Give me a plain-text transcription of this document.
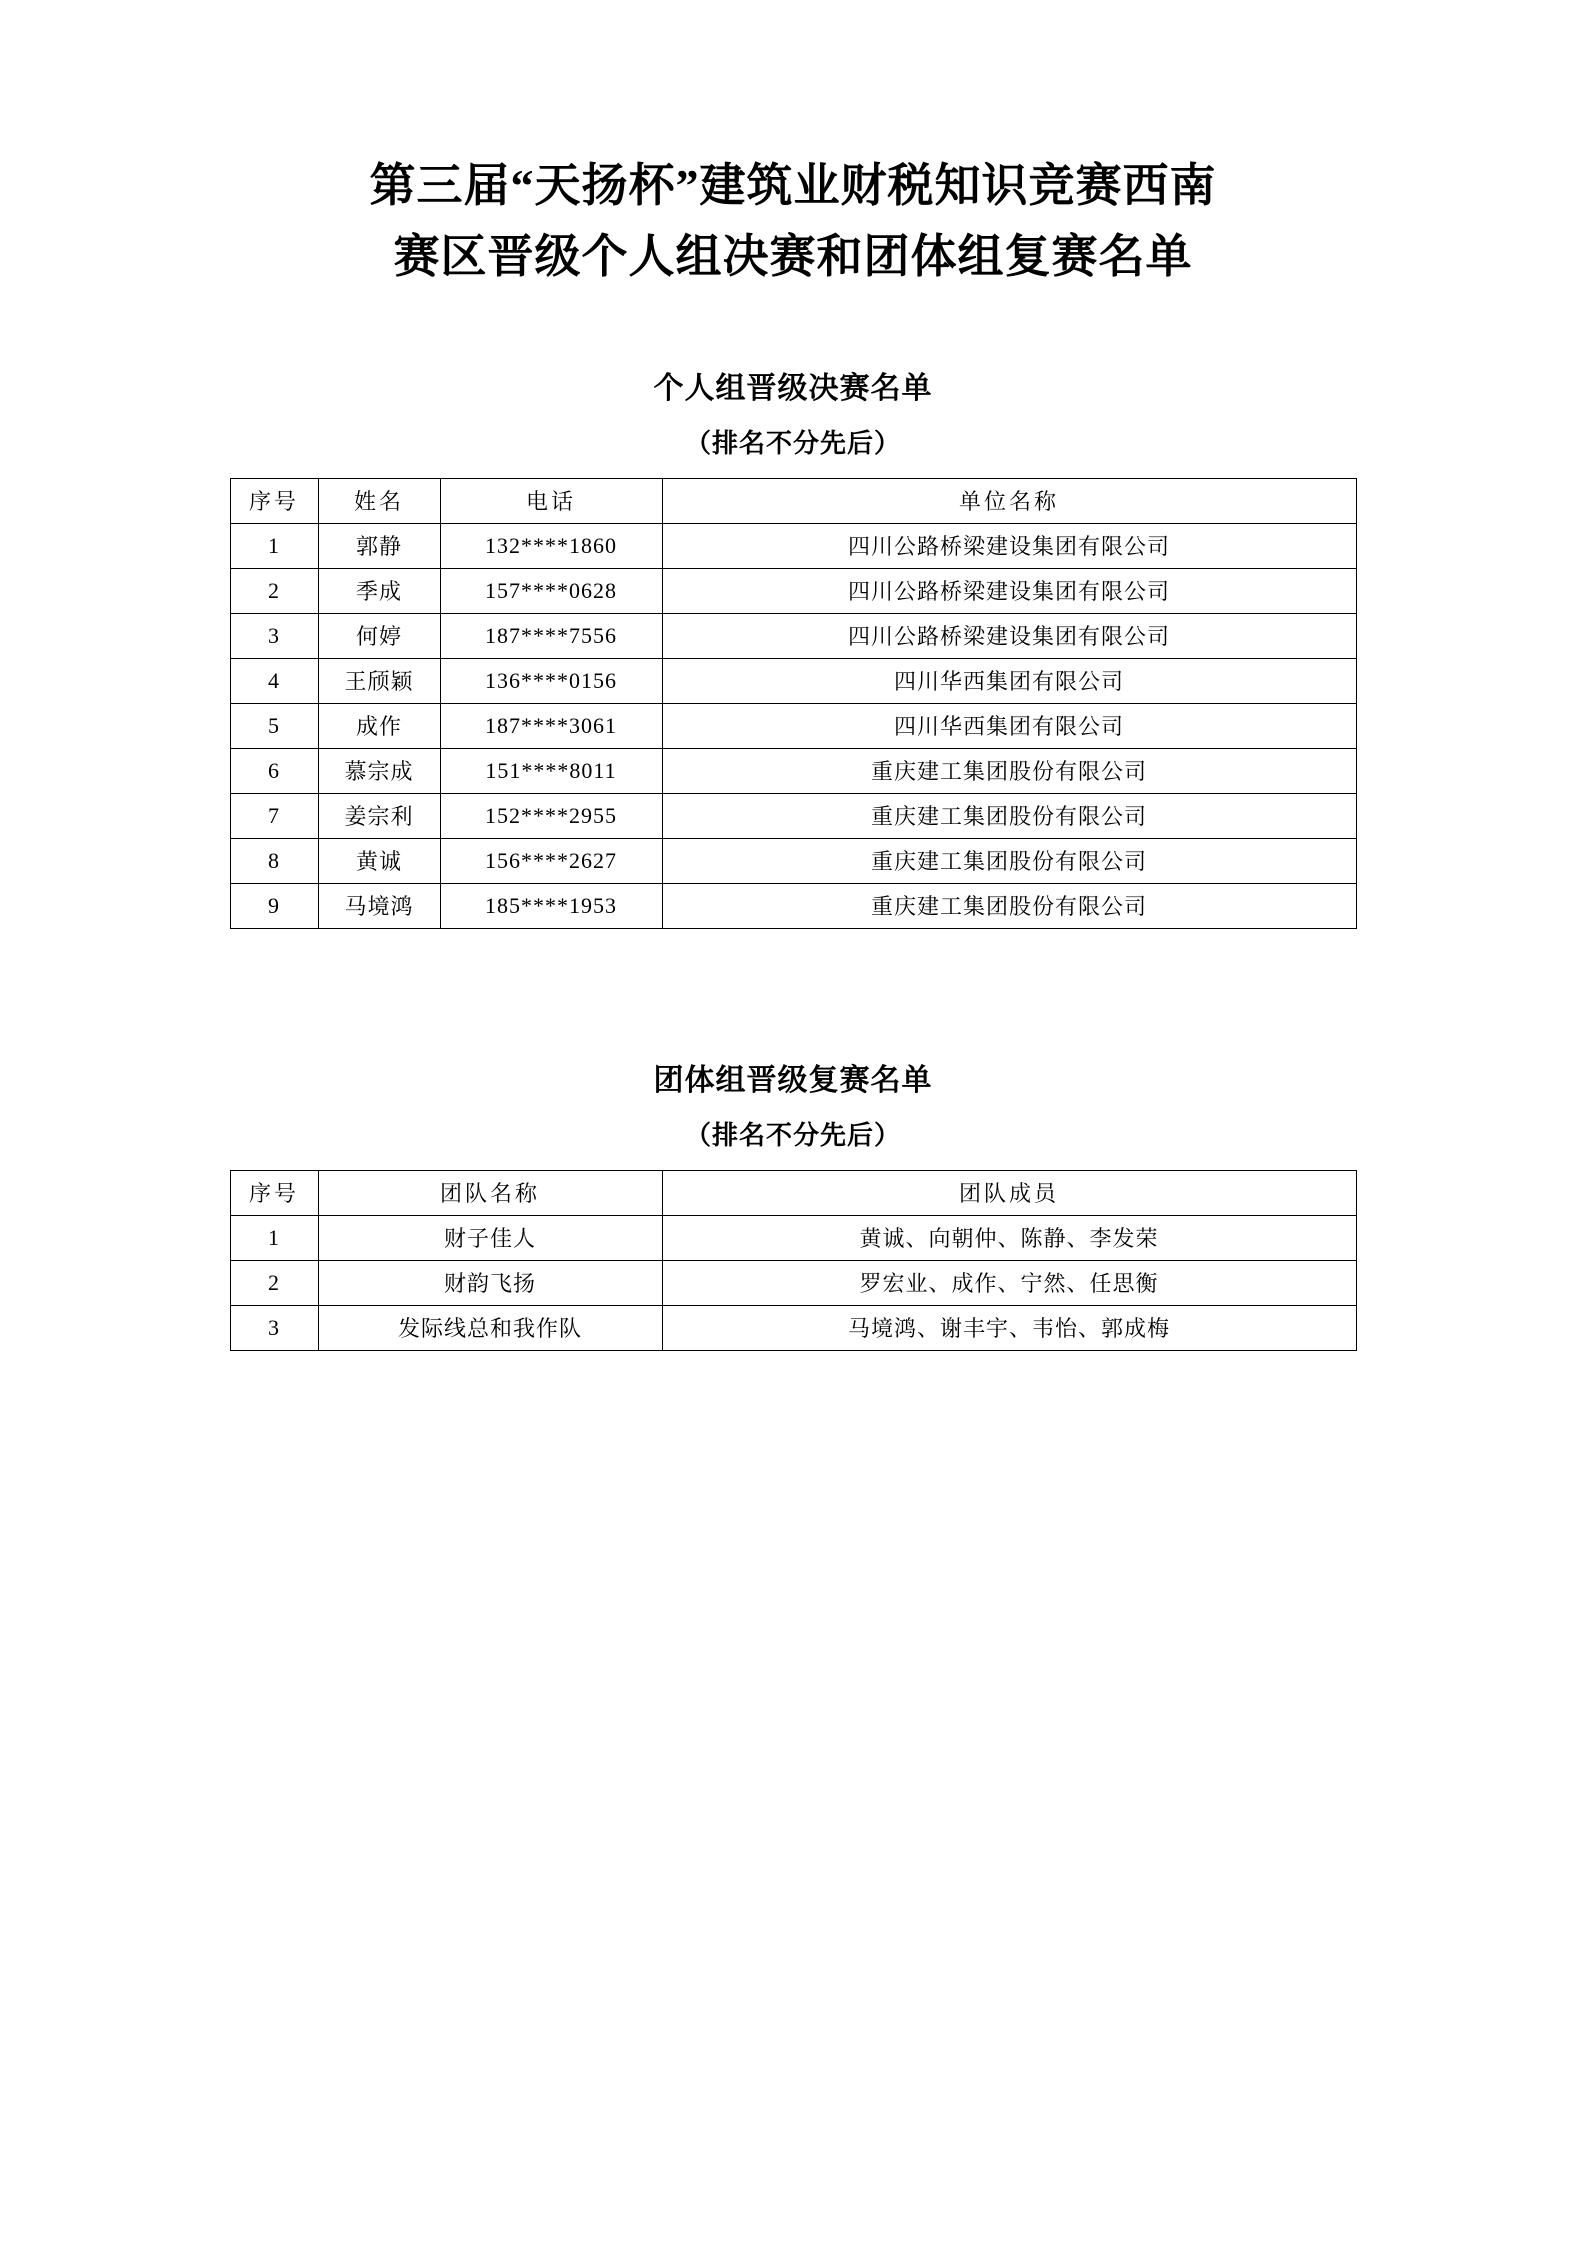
第三届“天扬杯”建筑业财税知识竞赛西南
赛区晋级个人组决赛和团体组复赛名单
个人组晋级决赛名单
（排名不分先后）
序号	姓名	电话	单位名称
1	郭静	132****1860	四川公路桥梁建设集团有限公司
2	季成	157****0628	四川公路桥梁建设集团有限公司
3	何婷	187****7556	四川公路桥梁建设集团有限公司
4	王颀颖	136****0156	四川华西集团有限公司
5	成作	187****3061	四川华西集团有限公司
6	慕宗成	151****8011	重庆建工集团股份有限公司
7	姜宗利	152****2955	重庆建工集团股份有限公司
8	黄诚	156****2627	重庆建工集团股份有限公司
9	马境鸿	185****1953	重庆建工集团股份有限公司
团体组晋级复赛名单
（排名不分先后）
序号	团队名称	团队成员
1	财子佳人	黄诚、向朝仲、陈静、李发荣
2	财韵飞扬	罗宏业、成作、宁然、任思衡
3	发际线总和我作队	马境鸿、谢丰宇、韦怡、郭成梅
